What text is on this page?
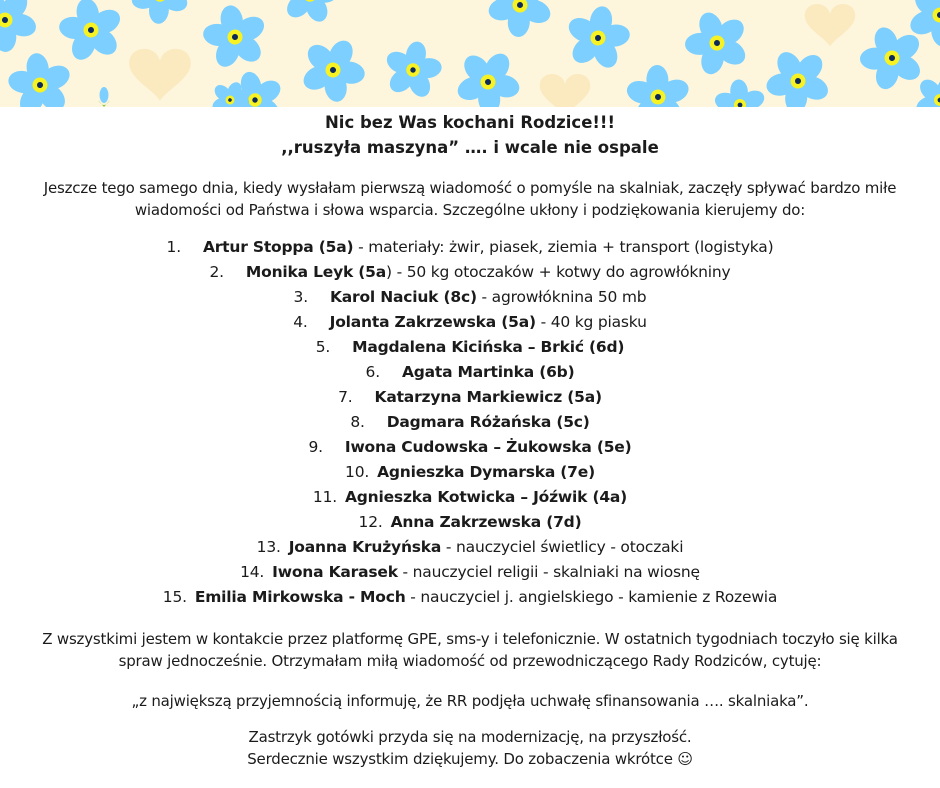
Nic bez Was kochani Rodzice!!!
,,ruszyła maszyna” …. i wcale nie ospale

Jeszcze tego samego dnia, kiedy wysłałam pierwszą wiadomość o pomyśle na skalniak, zaczęły spływać bardzo miłe

wiadomości od Państwa i słowa wsparcia. Szczególne ukłony i podziękowania kierujemy do:

1. Artur Stoppa (5a) - materiały: żwir, piasek, ziemia + transport (logistyka)
2. Monika Leyk (5a) - 50 kg otoczaków + kotwy do agrowłókniny
3. Karol Naciuk (8c) - agrowłóknina 50 mb
4. Jolanta Zakrzewska (5a) - 40 kg piasku
5. Magdalena Kicińska – Brkić (6d)
6. Agata Martinka (6b)
7. Katarzyna Markiewicz (5a)
8. Dagmara Różańska (5c)
9. Iwona Cudowska – Żukowska (5e)
10. Agnieszka Dymarska (7e)
11. Agnieszka Kotwicka – Jóźwik (4a)
12. Anna Zakrzewska (7d)
13. Joanna Krużyńska - nauczyciel świetlicy - otoczaki
14. Iwona Karasek - nauczyciel religii - skalniaki na wiosnę
15. Emilia Mirkowska - Moch - nauczyciel j. angielskiego - kamienie z Rozewia

Z wszystkimi jestem w kontakcie przez platformę GPE, sms-y i telefonicznie. W ostatnich tygodniach toczyło się kilka

spraw jednocześnie. Otrzymałam miłą wiadomość od przewodniczącego Rady Rodziców, cytuję:

„z największą przyjemnością informuję, że RR podjęła uchwałę sfinansowania …. skalniaka”.

Zastrzyk gotówki przyda się na modernizację, na przyszłość.

Serdecznie wszystkim dziękujemy. Do zobaczenia wkrótce ☺
